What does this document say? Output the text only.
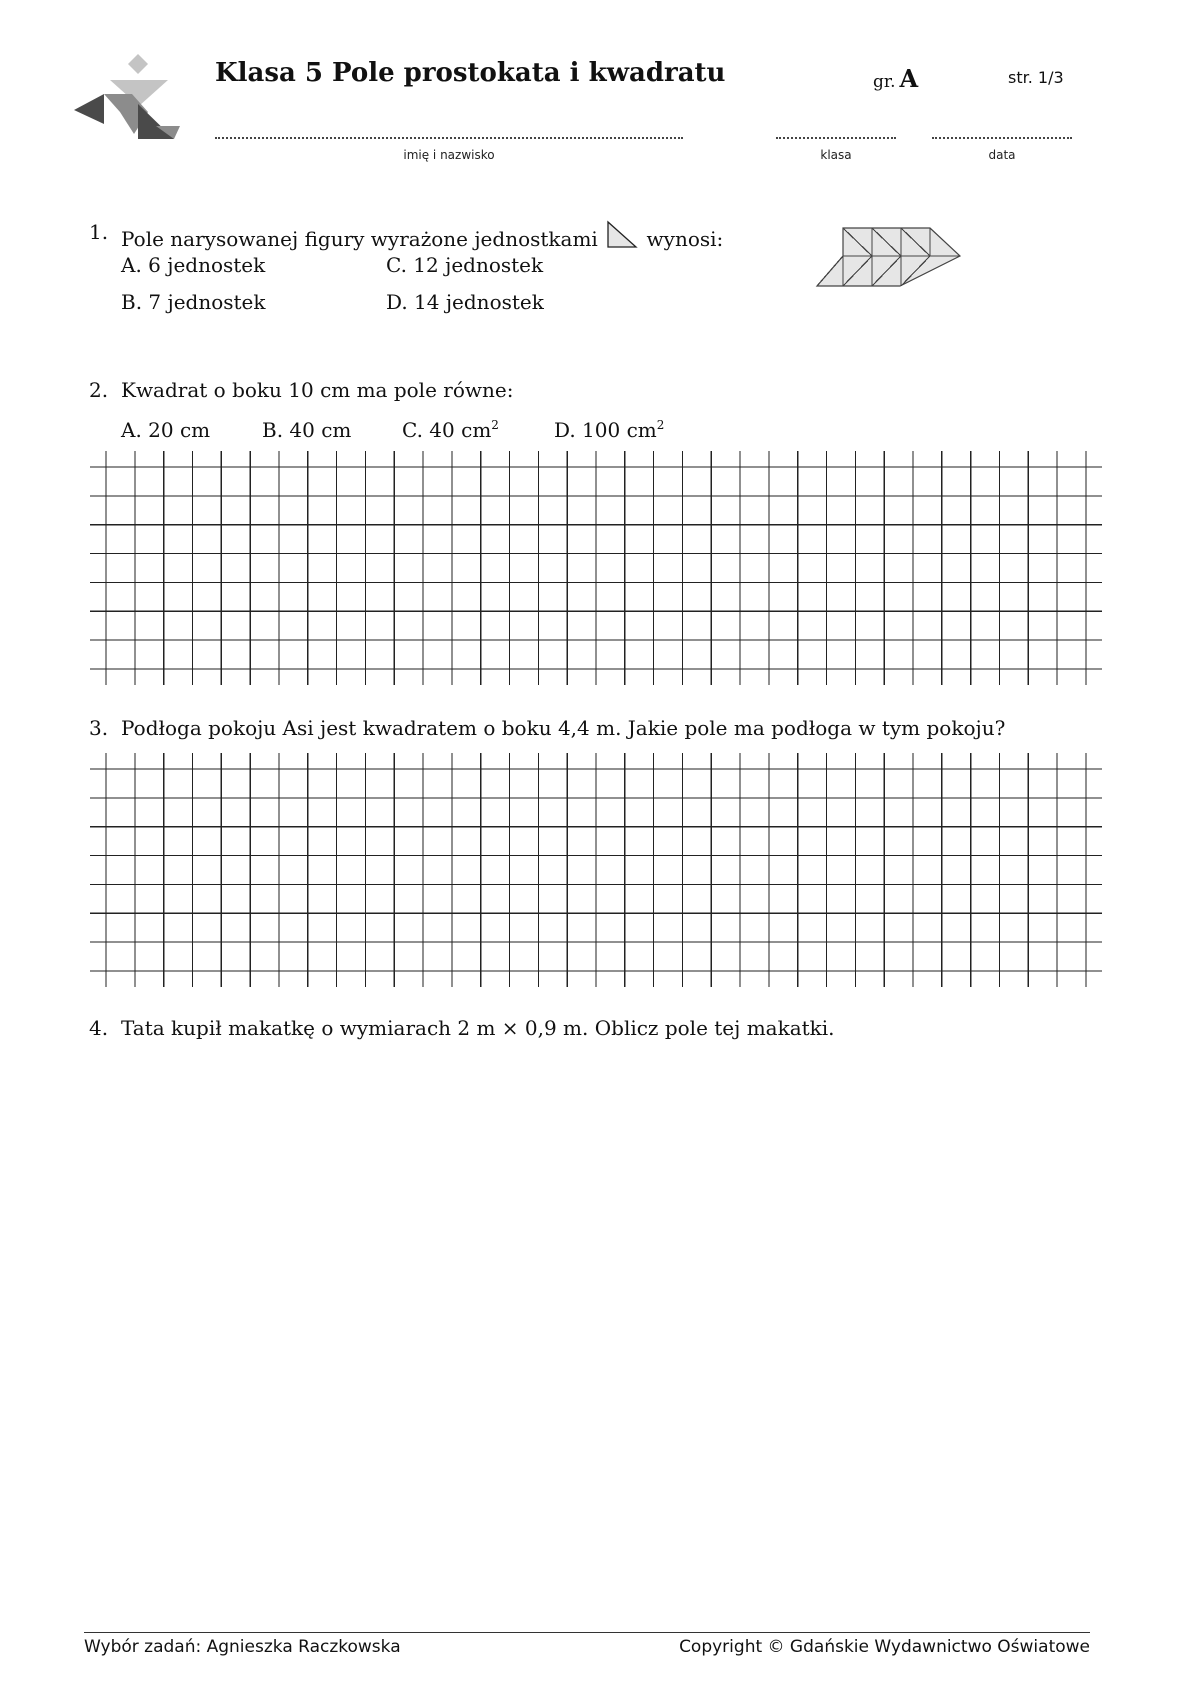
Klasa 5 Pole prostokata i kwadratu	gr. A	str. 1/3
imię i nazwisko	klasa	data
1. Pole narysowanej figury wyrażone jednostkami wynosi:
A. 6 jednostek	C. 12 jednostek
B. 7 jednostek	D. 14 jednostek
2. Kwadrat o boku 10 cm ma pole równe:
A. 20 cm	B. 40 cm	C. 40 $cm^2$	D. 100 $cm^2$
3. Podłoga pokoju Asi jest kwadratem o boku 4,4 m. Jakie pole ma podłoga w tym pokoju?
4. Tata kupił makatkę o wymiarach 2 m × 0,9 m. Oblicz pole tej makatki.
Wybór zadań: Agnieszka Raczkowska	Copyright © Gdańskie Wydawnictwo Oświatowe
